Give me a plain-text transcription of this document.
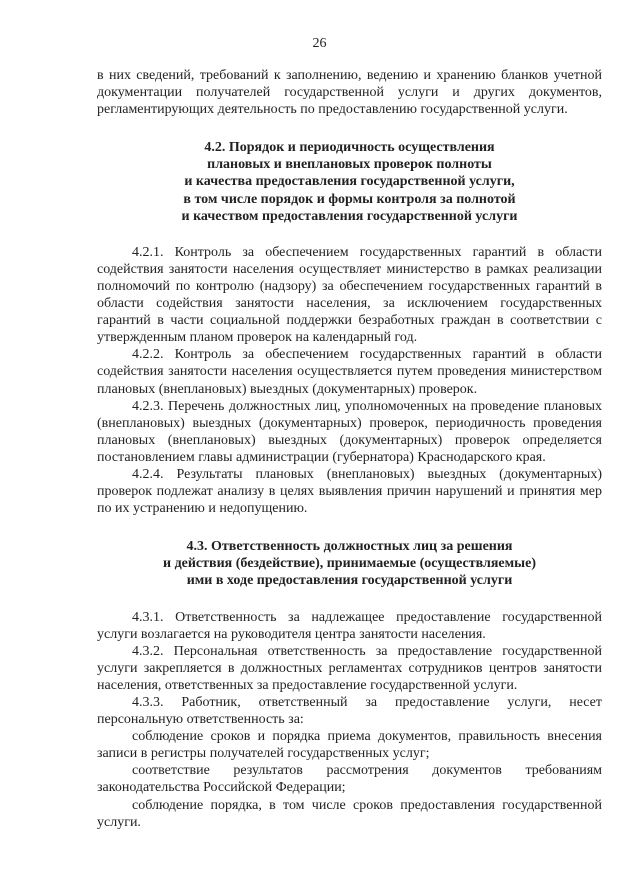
26

в них сведений, требований к заполнению, ведению и хранению бланков учетной документации получателей государственной услуги и других документов, регламентирующих деятельность по предоставлению государственной услуги.

4.2. Порядок и периодичность осуществления
плановых и внеплановых проверок полноты
и качества предоставления государственной услуги,
в том числе порядок и формы контроля за полнотой
и качеством предоставления государственной услуги

4.2.1. Контроль за обеспечением государственных гарантий в области содействия занятости населения осуществляет министерство в рамках реализации полномочий по контролю (надзору) за обеспечением государственных гарантий в области содействия занятости населения, за исключением государственных гарантий в части социальной поддержки безработных граждан в соответствии с утвержденным планом проверок на календарный год.

4.2.2. Контроль за обеспечением государственных гарантий в области содействия занятости населения осуществляется путем проведения министерством плановых (внеплановых) выездных (документарных) проверок.

4.2.3. Перечень должностных лиц, уполномоченных на проведение плановых (внеплановых) выездных (документарных) проверок, периодичность проведения плановых (внеплановых) выездных (документарных) проверок определяется постановлением главы администрации (губернатора) Краснодарского края.

4.2.4. Результаты плановых (внеплановых) выездных (документарных) проверок подлежат анализу в целях выявления причин нарушений и принятия мер по их устранению и недопущению.

4.3. Ответственность должностных лиц за решения
и действия (бездействие), принимаемые (осуществляемые)
ими в ходе предоставления государственной услуги

4.3.1. Ответственность за надлежащее предоставление государственной услуги возлагается на руководителя центра занятости населения.

4.3.2. Персональная ответственность за предоставление государственной услуги закрепляется в должностных регламентах сотрудников центров занятости населения, ответственных за предоставление государственной услуги.

4.3.3. Работник, ответственный за предоставление услуги, несет персональную ответственность за:

соблюдение сроков и порядка приема документов, правильность внесения записи в регистры получателей государственных услуг;

соответствие результатов рассмотрения документов требованиям законодательства Российской Федерации;

соблюдение порядка, в том числе сроков предоставления государственной услуги.
